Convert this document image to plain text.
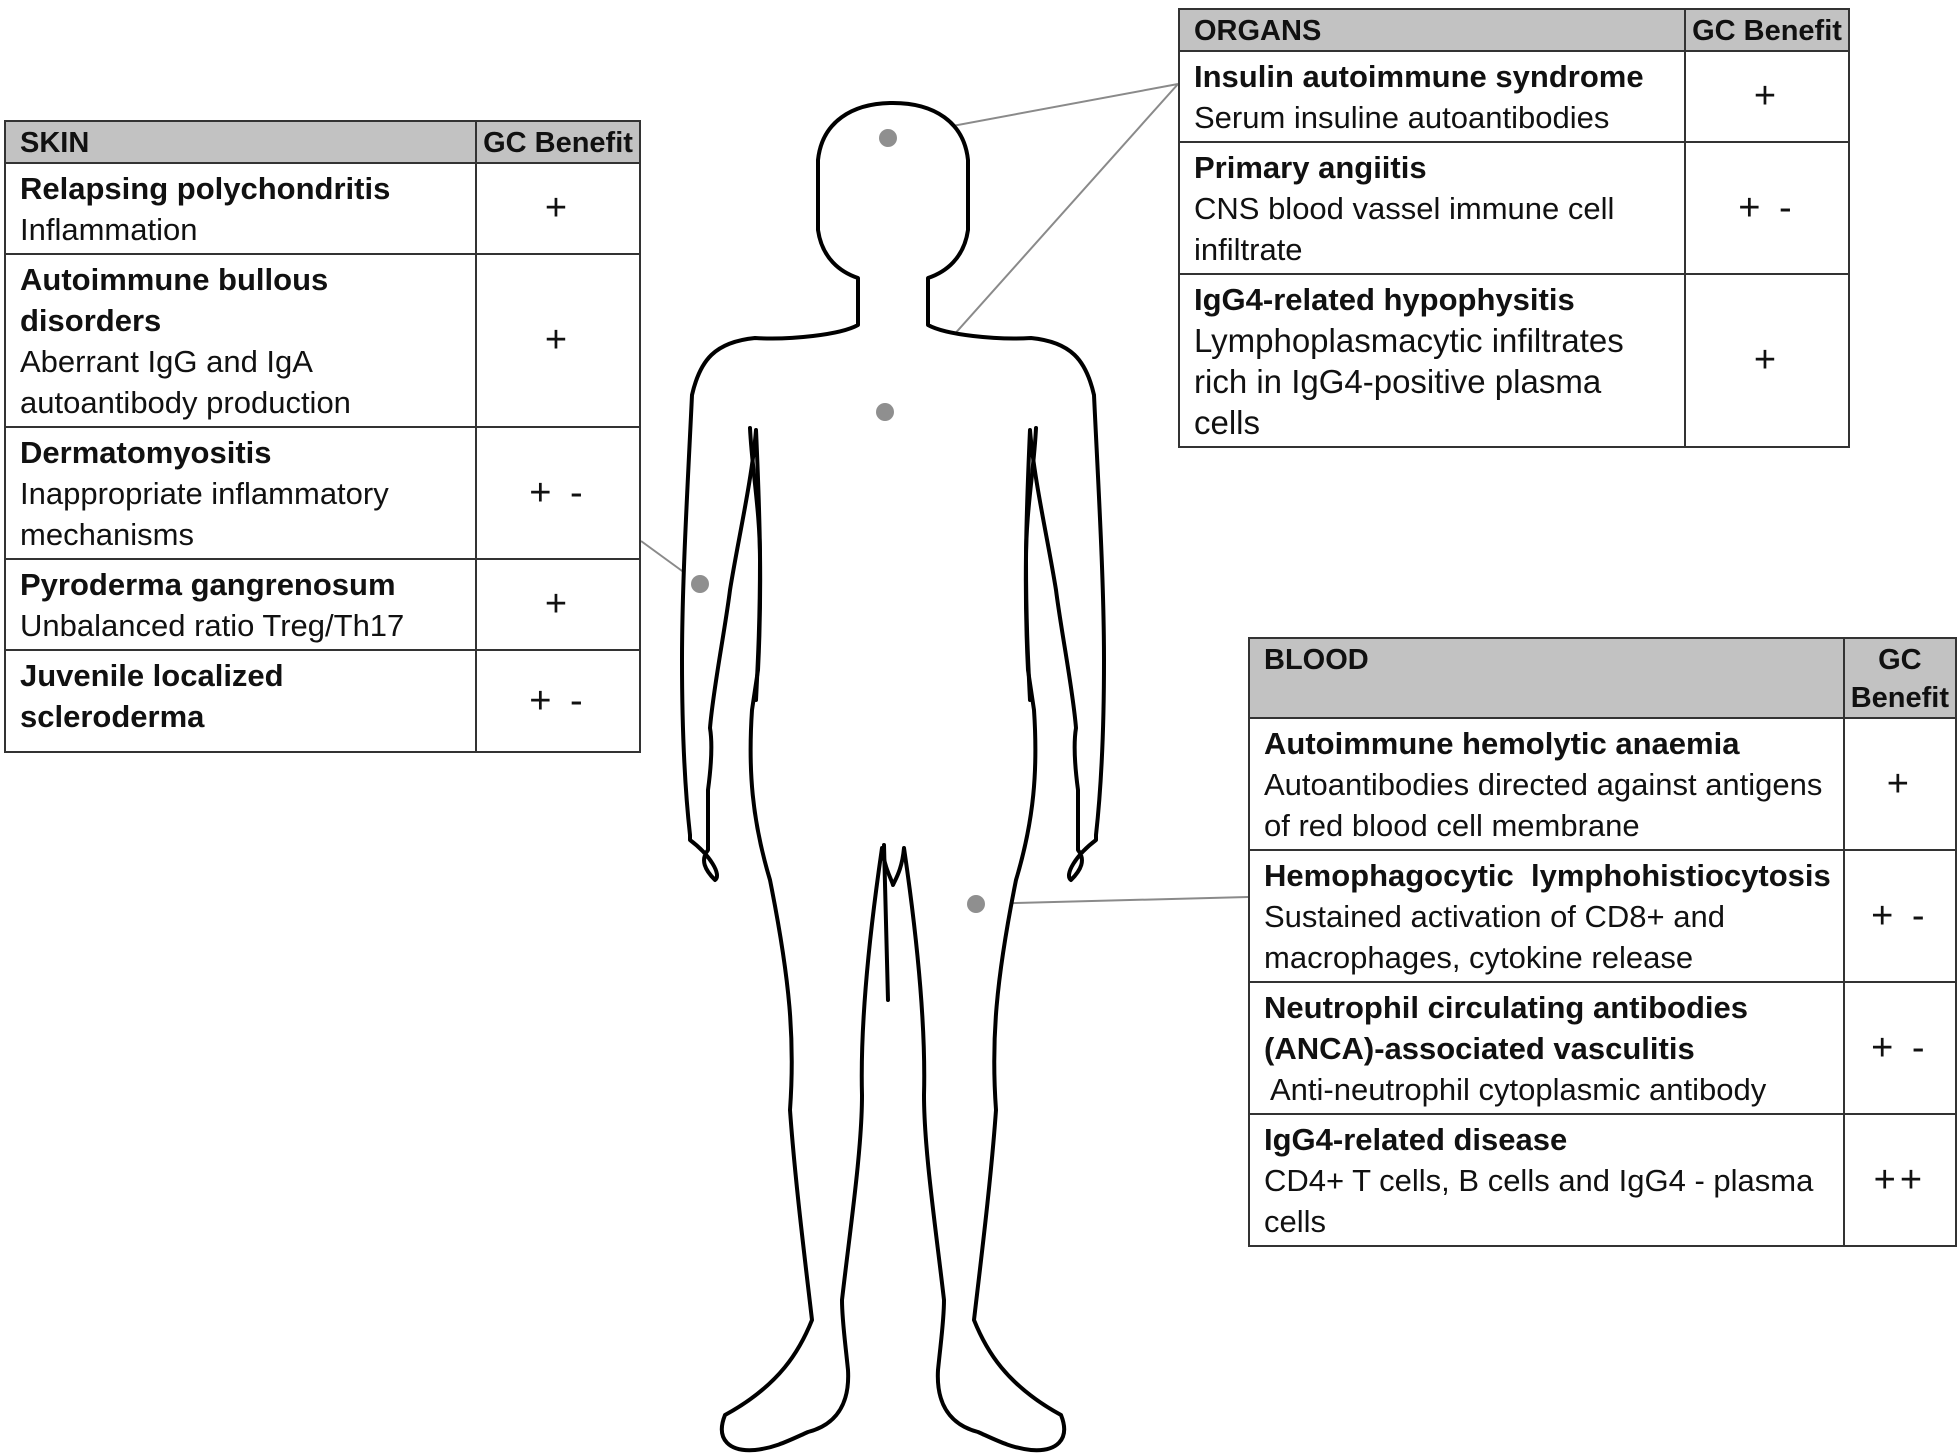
SKIN	GC Benefit

Relapsing polychondritis
Inflammation	+

Autoimmune bullous disorders
Aberrant IgG and IgA autoantibody production	+

Dermatomyositis
Inappropriate inflammatory mechanisms	+ -

Pyroderma gangrenosum
Unbalanced ratio Treg/Th17	+

Juvenile localized scleroderma	+ -
ORGANS	GC Benefit

Insulin autoimmune syndrome
Serum insuline autoantibodies	+

Primary angiitis
CNS blood vassel immune cell infiltrate	+ -

IgG4-related hypophysitis
Lymphoplasmacytic infiltrates rich in IgG4-positive plasma cells	+
BLOOD	GC Benefit

Autoimmune hemolytic anaemia
Autoantibodies directed against antigens of red blood cell membrane	+

Hemophagocytic  lymphohistiocytosis
Sustained activation of CD8+ and macrophages, cytokine release	+ -

Neutrophil circulating antibodies (ANCA)-associated vasculitis
Anti-neutrophil cytoplasmic antibody	+ -

IgG4-related disease
CD4+ T cells, B cells and IgG4 - plasma cells	++
